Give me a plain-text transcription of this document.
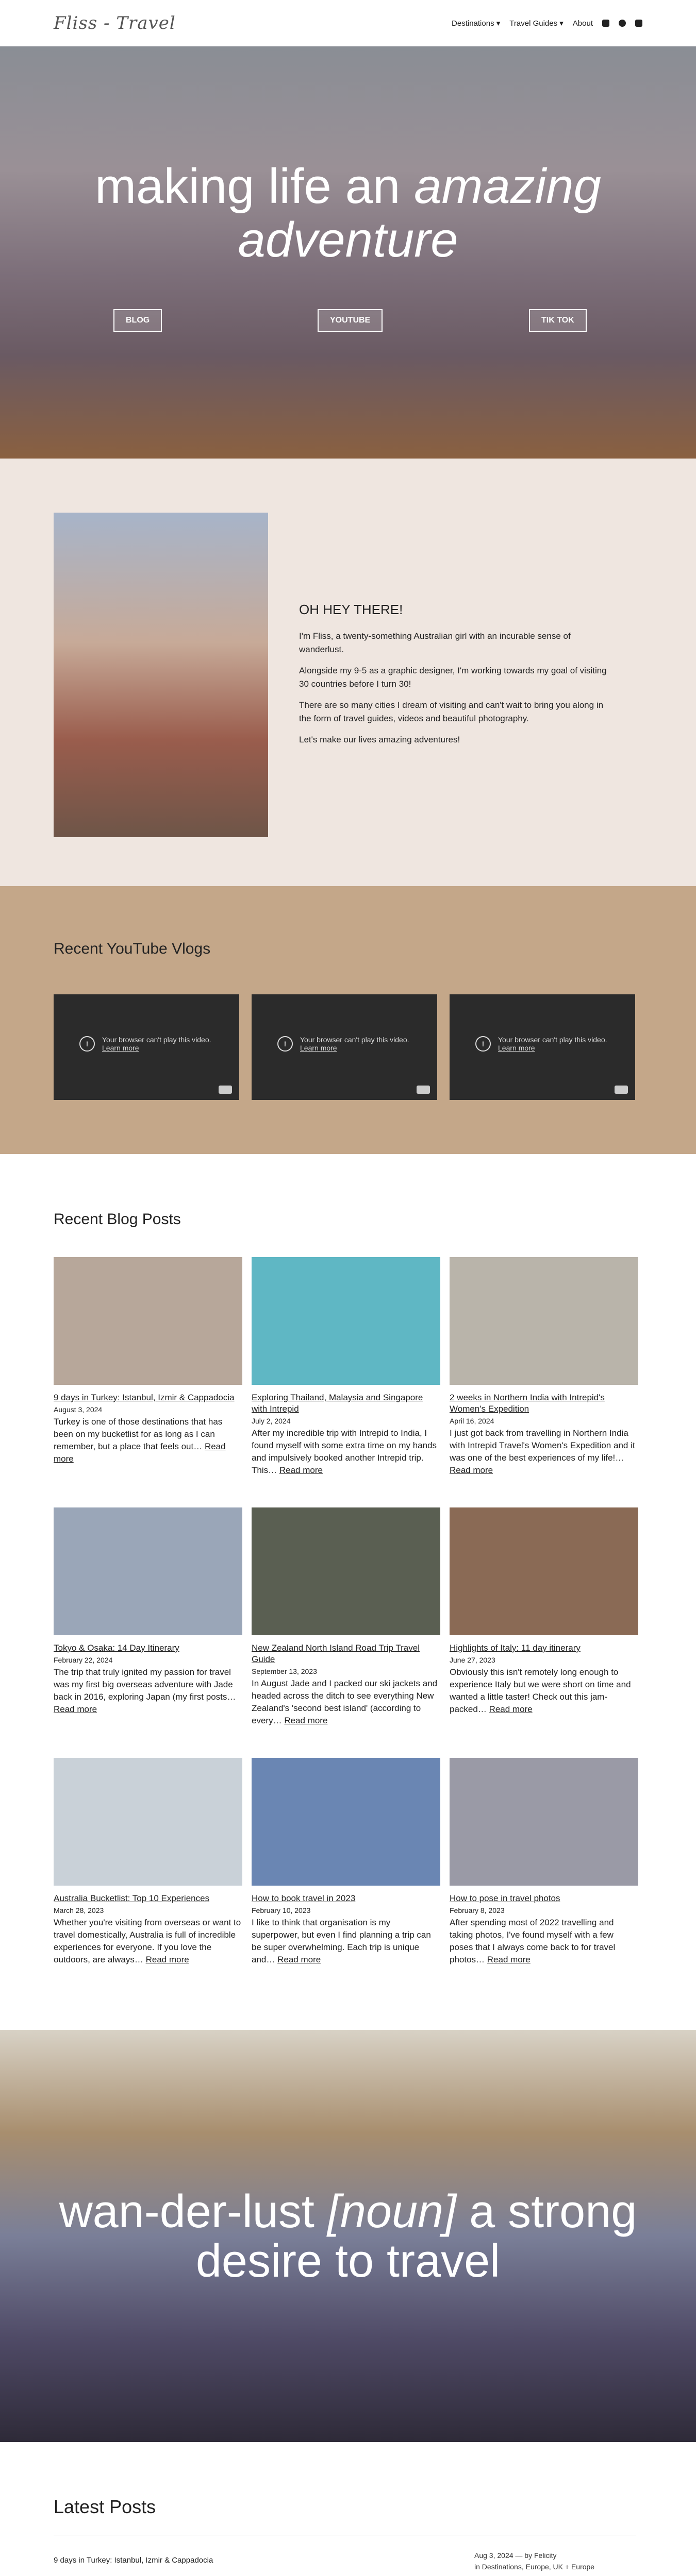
Fliss - Travel	Destinations ▾ Travel Guides ▾ About
making life an amazing
adventure
BLOG	YOUTUBE	TIK TOK
OH HEY THERE!

I'm Fliss, a twenty-something Australian girl with an incurable sense of wanderlust.

Alongside my 9-5 as a graphic designer, I'm working towards my goal of visiting 30 countries before I turn 30!

There are so many cities I dream of visiting and can't wait to bring you along in the form of travel guides, videos and beautiful photography.

Let's make our lives amazing adventures!

Recent YouTube Vlogs
!	Your browser can't play this video.
Learn more	!	Your browser can't play this video.
Learn more	!	Your browser can't play this video.
Learn more
Recent Blog Posts
9 days in Turkey: Istanbul, Izmir & Cappadocia
August 3, 2024
Turkey is one of those destinations that has been on my bucketlist for as long as I can remember, but a place that feels out… Read more
Exploring Thailand, Malaysia and Singapore with Intrepid
July 2, 2024
After my incredible trip with Intrepid to India, I found myself with some extra time on my hands and impulsively booked another Intrepid trip. This… Read more
2 weeks in Northern India with Intrepid's Women's Expedition
April 16, 2024
I just got back from travelling in Northern India with Intrepid Travel's Women's Expedition and it was one of the best experiences of my life!… Read more
Tokyo & Osaka: 14 Day Itinerary
February 22, 2024
The trip that truly ignited my passion for travel was my first big overseas adventure with Jade back in 2016, exploring Japan (my first posts… Read more
New Zealand North Island Road Trip Travel Guide
September 13, 2023
In August Jade and I packed our ski jackets and headed across the ditch to see everything New Zealand's 'second best island' (according to every… Read more
Highlights of Italy: 11 day itinerary
June 27, 2023
Obviously this isn't remotely long enough to experience Italy but we were short on time and wanted a little taster! Check out this jam-packed… Read more
Australia Bucketlist: Top 10 Experiences
March 28, 2023
Whether you're visiting from overseas or want to travel domestically, Australia is full of incredible experiences for everyone. If you love the outdoors, are always… Read more
How to book travel in 2023
February 10, 2023
I like to think that organisation is my superpower, but even I find planning a trip can be super overwhelming. Each trip is unique and… Read more
How to pose in travel photos
February 8, 2023
After spending most of 2022 travelling and taking photos, I've found myself with a few poses that I always come back to for travel photos… Read more
wan-der-lust [noun] a strong desire to travel
Latest Posts
9 days in Turkey: Istanbul, Izmir & Cappadocia
Aug 3, 2024 — by Felicity
in Destinations, Europe, UK + Europe
